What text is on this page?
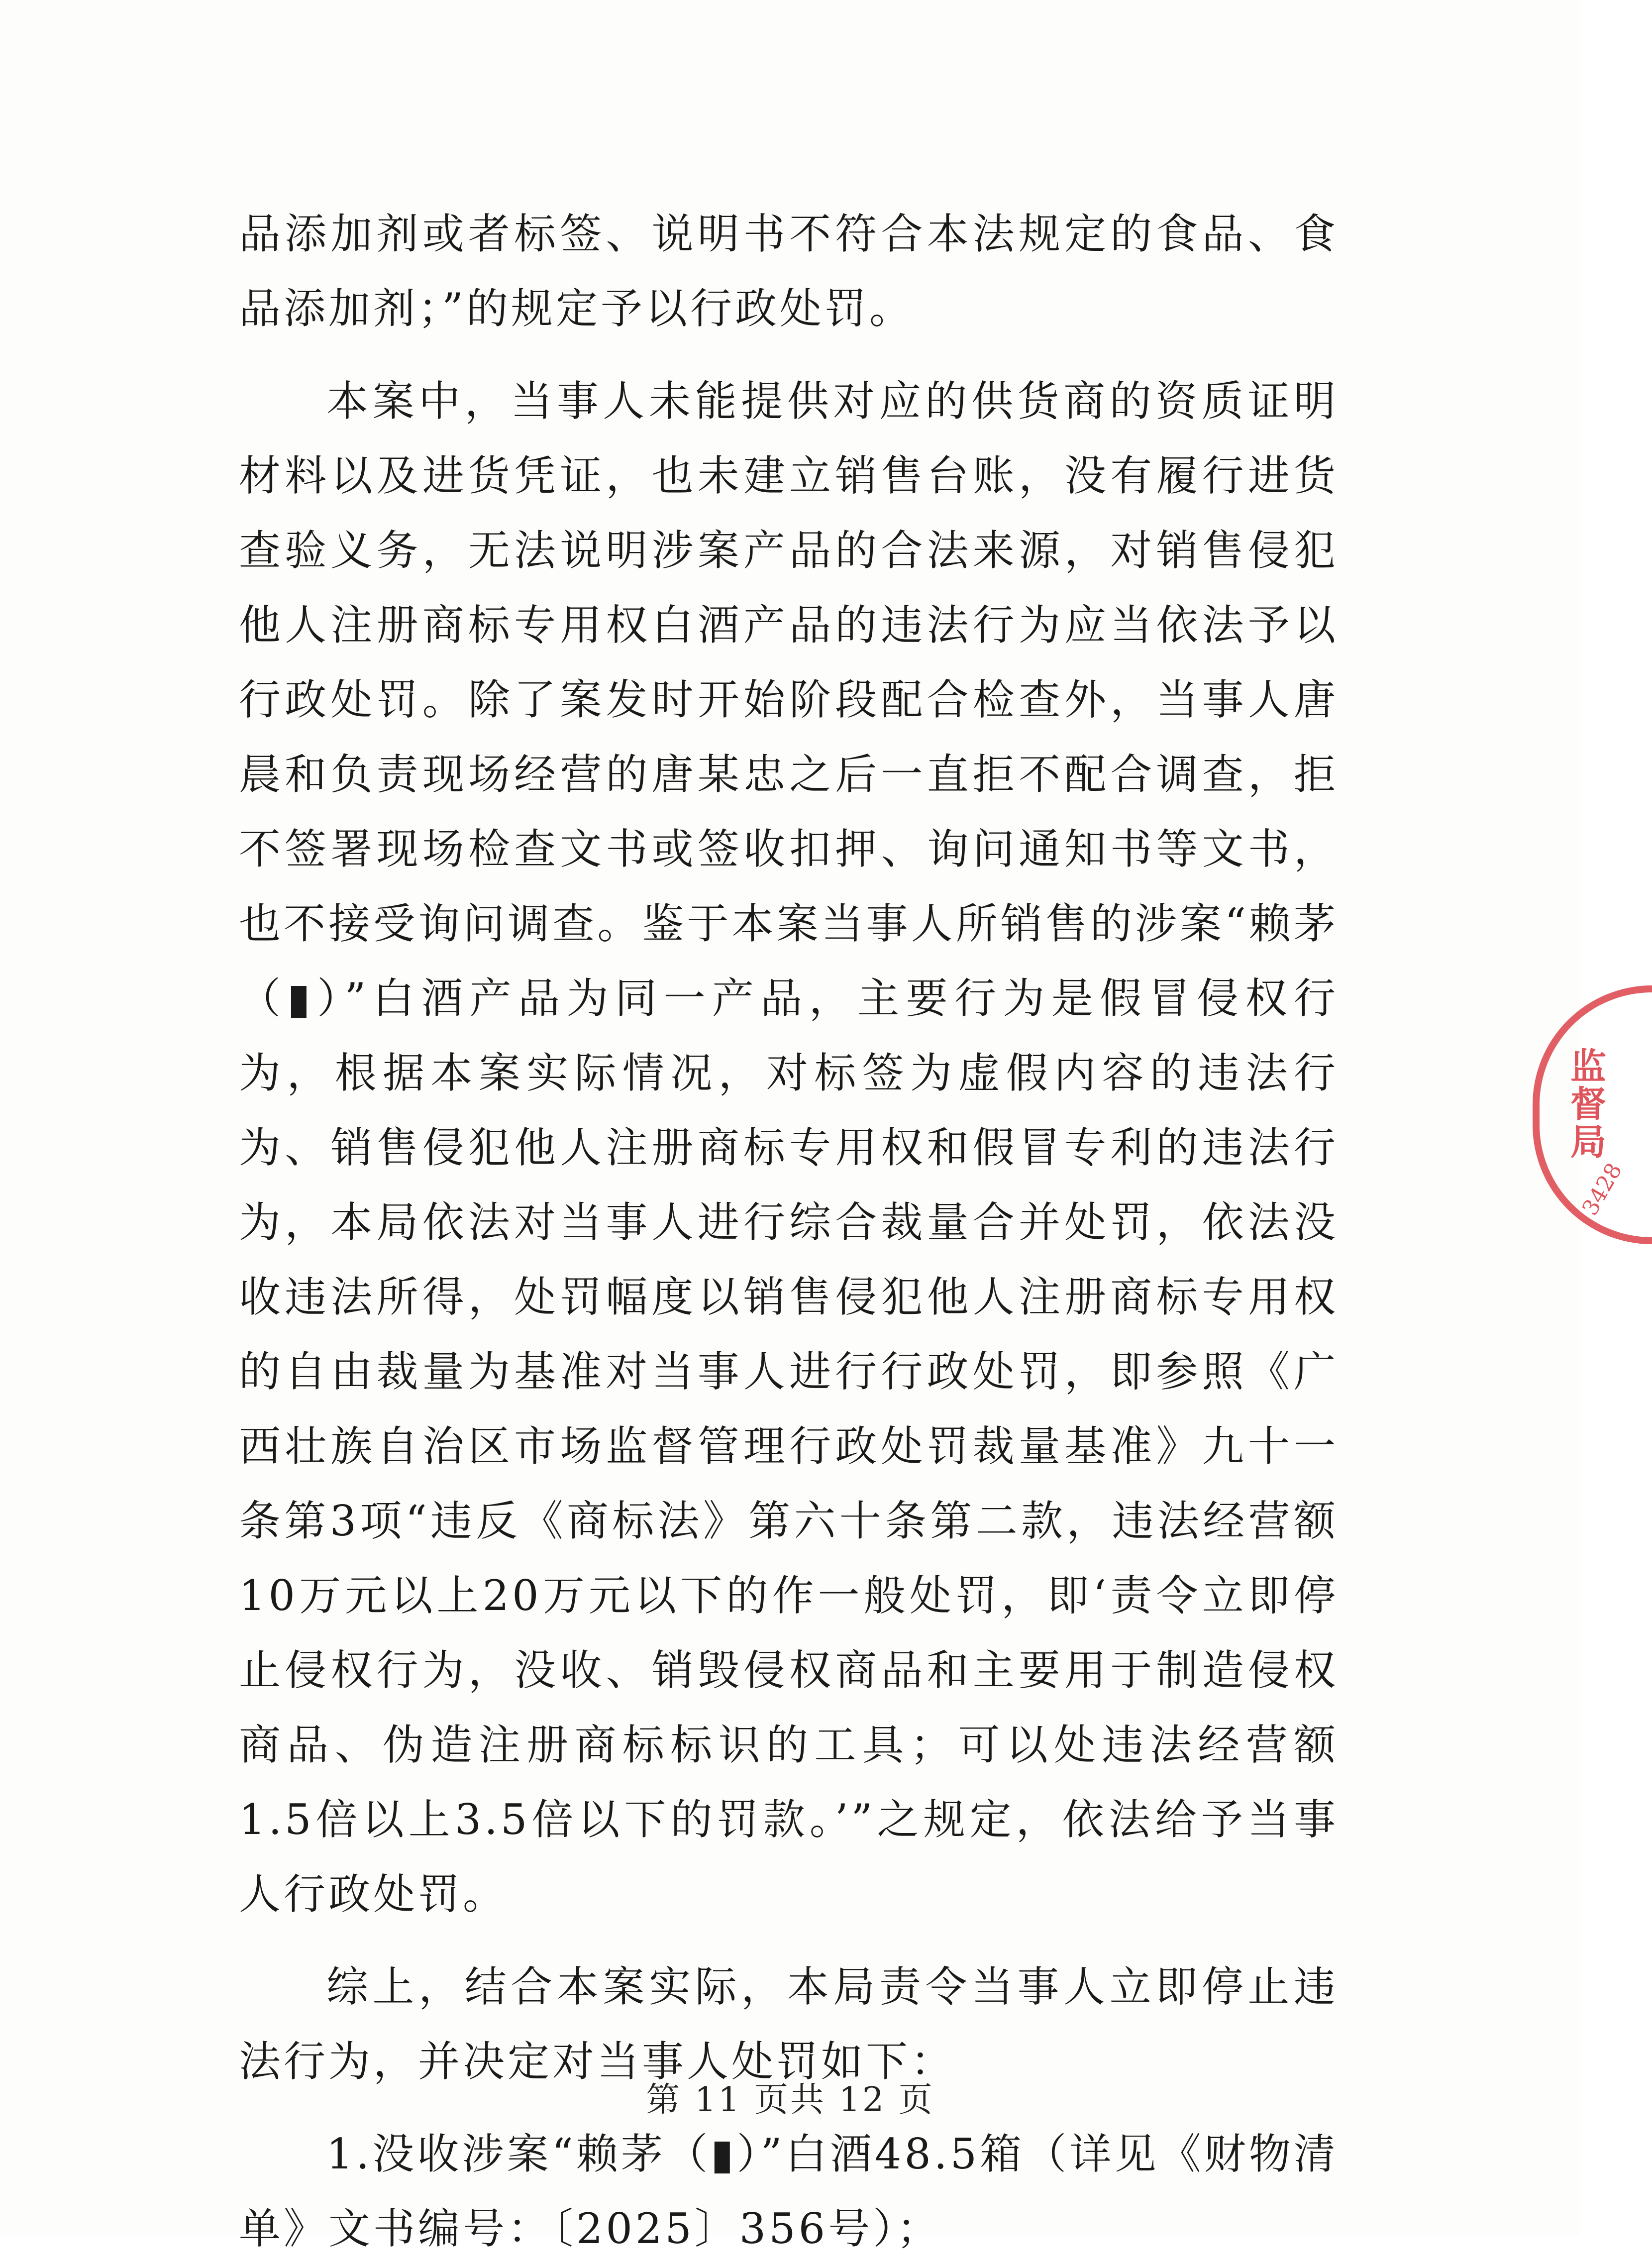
品添加剂或者标签、说明书不符合本法规定的食品、食品添加剂；”的规定予以行政处罚。

本案中，当事人未能提供对应的供货商的资质证明材料以及进货凭证，也未建立销售台账，没有履行进货查验义务，无法说明涉案产品的合法来源，对销售侵犯他人注册商标专用权白酒产品的违法行为应当依法予以行政处罚。除了案发时开始阶段配合检查外，当事人唐晨和负责现场经营的唐某忠之后一直拒不配合调查，拒不签署现场检查文书或签收扣押、询问通知书等文书，也不接受询问调查。鉴于本案当事人所销售的涉案“赖茅（▮）”白酒产品为同一产品，主要行为是假冒侵权行为，根据本案实际情况，对标签为虚假内容的违法行为、销售侵犯他人注册商标专用权和假冒专利的违法行为，本局依法对当事人进行综合裁量合并处罚，依法没收违法所得，处罚幅度以销售侵犯他人注册商标专用权的自由裁量为基准对当事人进行行政处罚，即参照《广西壮族自治区市场监督管理行政处罚裁量基准》九十一条第3项“违反《商标法》第六十条第二款，违法经营额10万元以上20万元以下的作一般处罚，即‘责令立即停止侵权行为，没收、销毁侵权商品和主要用于制造侵权商品、伪造注册商标标识的工具；可以处违法经营额1.5倍以上3.5倍以下的罚款。’”之规定，依法给予当事人行政处罚。

综上，结合本案实际，本局责令当事人立即停止违法行为，并决定对当事人处罚如下：

1.没收涉案“赖茅（▮）”白酒48.5箱（详见《财物清单》文书编号：〔2025〕356号）；

监督局
3428
第 11 页共 12 页
